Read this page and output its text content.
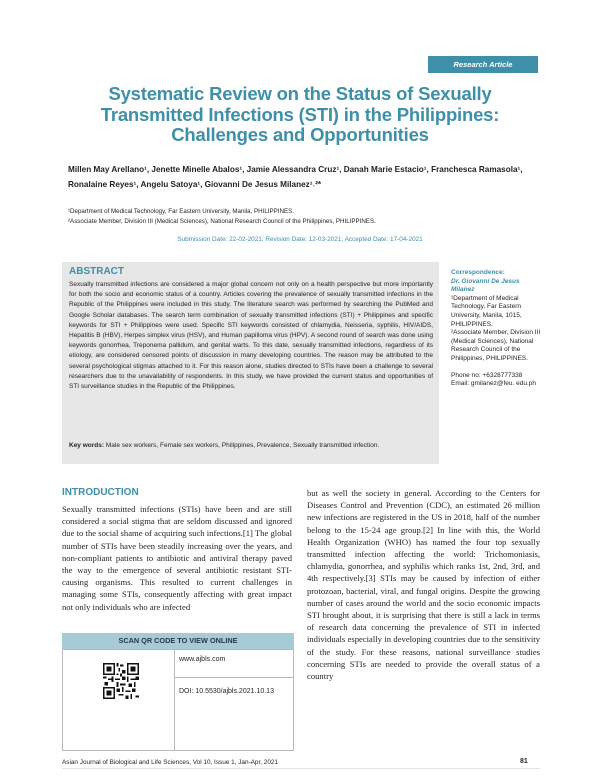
Research Article
Systematic Review on the Status of Sexually Transmitted Infections (STI) in the Philippines: Challenges and Opportunities
Millen May Arellano¹, Jenette Minelle Abalos¹, Jamie Alessandra Cruz¹, Danah Marie Estacio¹, Franchesca Ramasola¹, Ronalaine Reyes¹, Angelu Satoya¹, Giovanni De Jesus Milanez¹˒²*
¹Department of Medical Technology, Far Eastern University, Manila, PHILIPPINES.
²Associate Member, Division III (Medical Sciences), National Research Council of the Philippines, PHILIPPINES.
Submission Date: 22-02-2021; Revision Date: 12-03-2021; Accepted Date: 17-04-2021
ABSTRACT
Sexually transmitted infections are considered a major global concern not only on a health perspective but more importantly for both the socio and economic status of a country. Articles covering the prevalence of sexually transmitted infections in the Republic of the Philippines were included in this study. The literature search was performed by searching the PubMed and Google Scholar databases. The search term combination of sexually transmitted infections (STI) + Philippines and specific keywords for STI + Philippines were used. Specific STI keywords consisted of chlamydia, Neisseria, syphilis, HIV/AIDS, Hepatitis B (HBV), Herpes simplex virus (HSV), and Human papilloma virus (HPV). A second round of search was done using keywords gonorrhea, Treponema pallidum, and genital warts. To this date, sexually transmitted infections, regardless of its etiology, are considered censored points of discussion in many developing countries. The reason may be attributed to the several psychological stigmas attached to it. For this reason alone, studies directed to STIs have been a challenge to several researchers due to the unavailability of respondents. In this study, we have provided the current status and opportunities of STI surveillance studies in the Republic of the Philippines.
Key words: Male sex workers, Female sex workers, Philippines, Prevalence, Sexually transmitted infection.
Correspondence:
Dr. Giovanni De Jesus Milanez
¹Department of Medical Technology, Far Eastern University, Manila, 1015, PHILIPPINES.
²Associate Member, Division III (Medical Sciences), National Research Council of the Philippines, PHILIPPINES.
Phone no: +6328777338
Email: gmilanez@feu. edu.ph
INTRODUCTION
Sexually transmitted infections (STIs) have been and are still considered a social stigma that are seldom discussed and ignored due to the social shame of acquiring such infections.[1] The global number of STIs have been steadily increasing over the years, and non-compliant patients to antibiotic and antiviral therapy paved the way to the emergence of several antibiotic resistant STI-causing organisms. This resulted to current challenges in managing some STIs, consequently affecting with great impact not only individuals who are infected
but as well the society in general. According to the Centers for Diseases Control and Prevention (CDC), an estimated 26 million new infections are registered in the US in 2018, half of the number belong to the 15-24 age group.[2] In line with this, the World Health Organization (WHO) has named the four top sexually transmitted infection affecting the world: Trichomoniasis, chlamydia, gonorrhea, and syphilis which ranks 1st, 2nd, 3rd, and 4th respectively.[3] STIs may be caused by infection of either protozoan, bacterial, viral, and fungal origins. Despite the growing number of cases around the world and the socio economic impacts STI brought about, it is surprising that there is still a lack in terms of research data concerning the prevalence of STI in infected individuals especially in developing countries due to the sensitivity of the study. For these reasons, national surveillance studies concerning STIs are needed to provide the overall status of a country
SCAN QR CODE TO VIEW ONLINE
www.ajbls.com
DOI: 10.5530/ajbls.2021.10.13
Asian Journal of Biological and Life Sciences, Vol 10, Issue 1, Jan-Apr, 2021	81
